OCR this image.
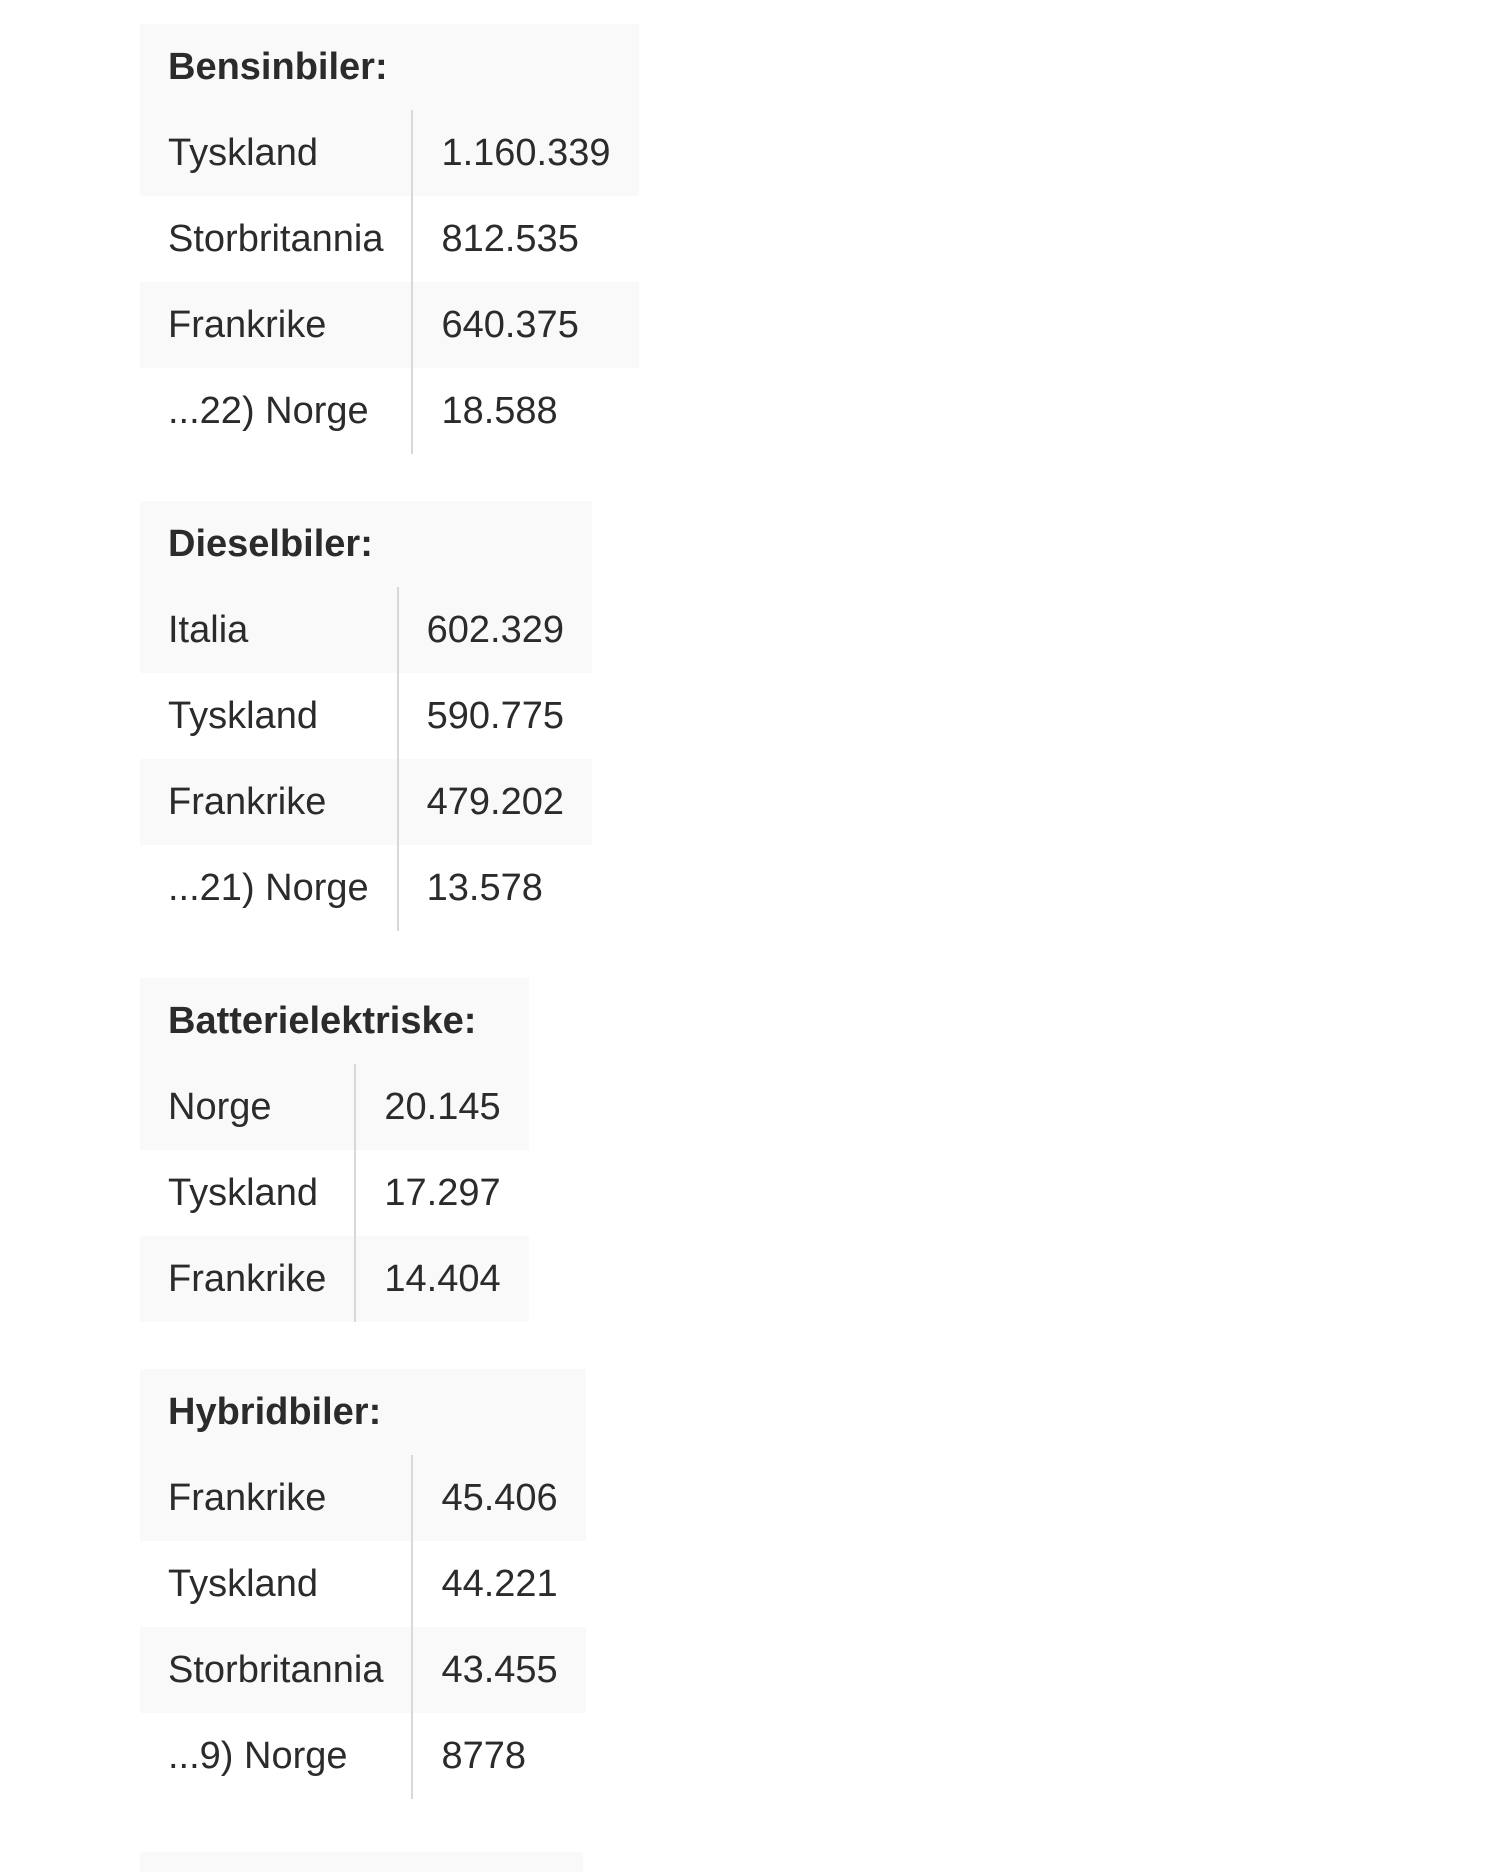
Bensinbiler:	
Tyskland	1.160.339
Storbritannia	812.535
Frankrike	640.375
...22) Norge	18.588
Dieselbiler:	
Italia	602.329
Tyskland	590.775
Frankrike	479.202
...21) Norge	13.578
Batterielektriske:	
Norge	20.145
Tyskland	17.297
Frankrike	14.404
Hybridbiler:	
Frankrike	45.406
Tyskland	44.221
Storbritannia	43.455
...9) Norge	8778
